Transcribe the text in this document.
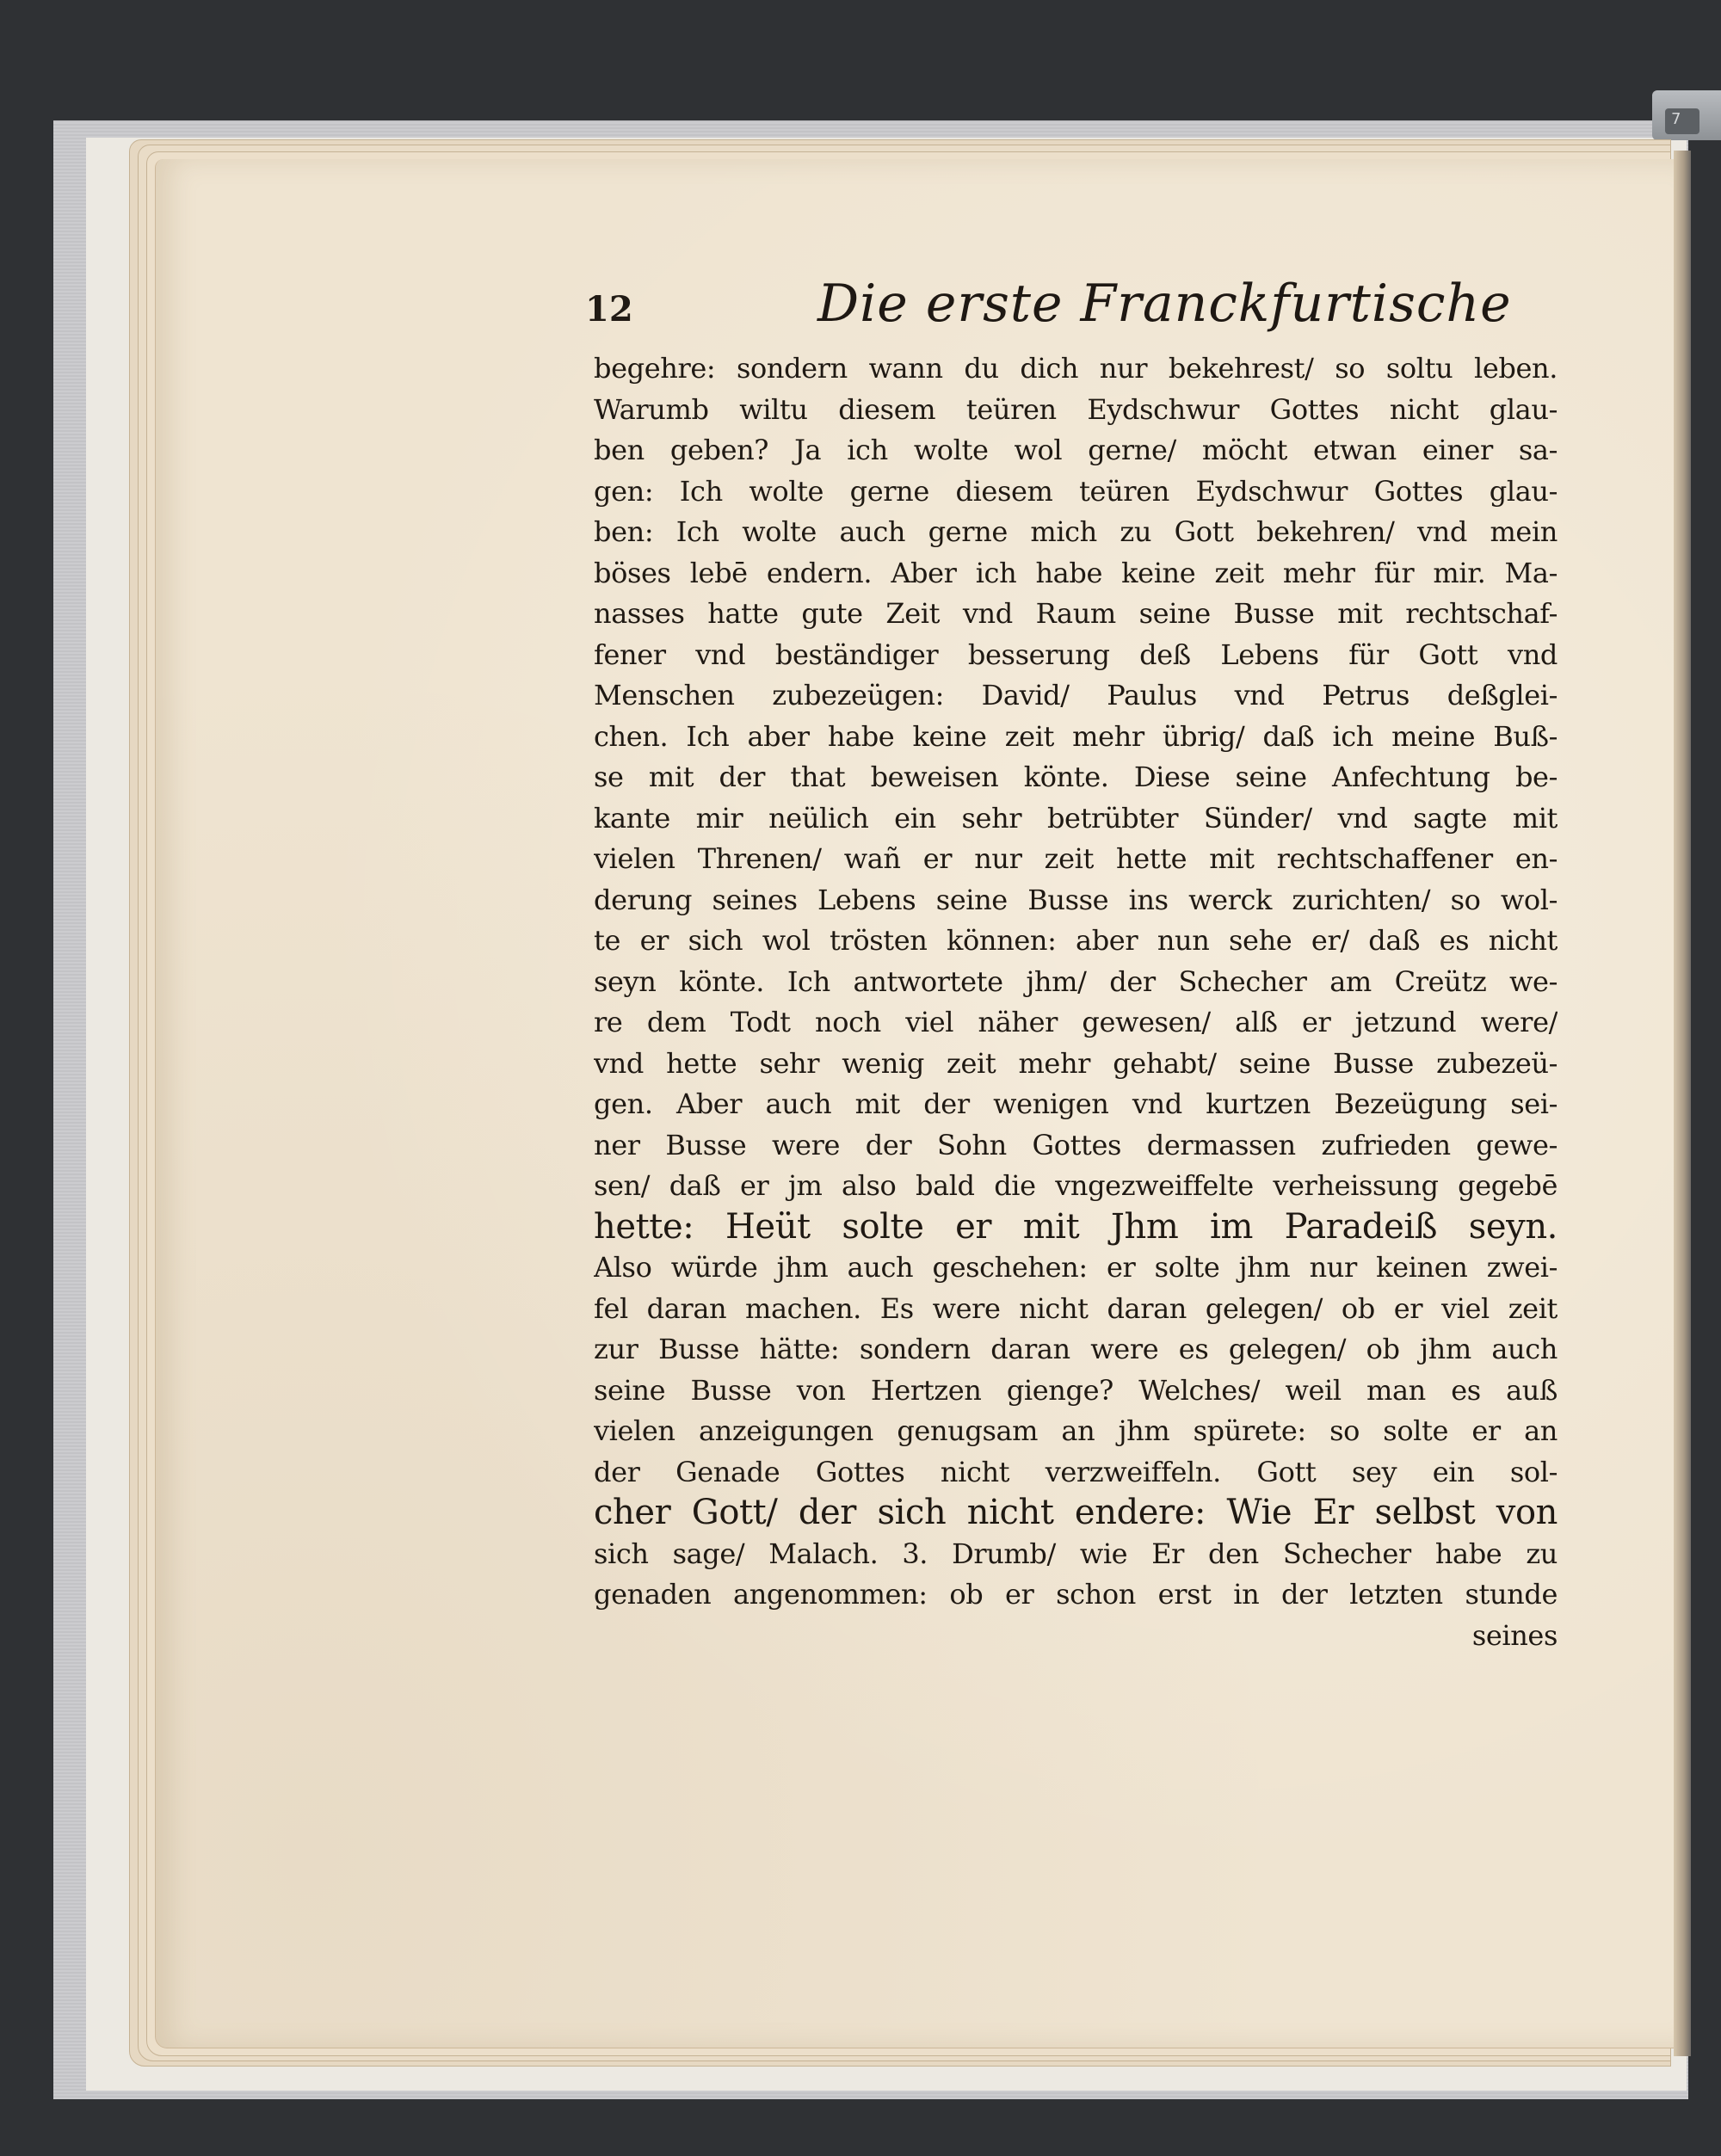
7
12	Die erste Franckfurtische
begehre: sondern wann du dich nur bekehrest/ so soltu leben.
Warumb wiltu diesem teüren Eydschwur Gottes nicht glau-
ben geben? Ja ich wolte wol gerne/ möcht etwan einer sa-
gen: Ich wolte gerne diesem teüren Eydschwur Gottes glau-
ben: Ich wolte auch gerne mich zu Gott bekehren/ vnd mein
böses lebē endern. Aber ich habe keine zeit mehr für mir. Ma-
nasses hatte gute Zeit vnd Raum seine Busse mit rechtschaf-
fener vnd beständiger besserung deß Lebens für Gott vnd
Menschen zubezeügen: David/ Paulus vnd Petrus deßglei-
chen. Ich aber habe keine zeit mehr übrig/ daß ich meine Buß-
se mit der that beweisen könte. Diese seine Anfechtung be-
kante mir neülich ein sehr betrübter Sünder/ vnd sagte mit
vielen Threnen/ wañ er nur zeit hette mit rechtschaffener en-
derung seines Lebens seine Busse ins werck zurichten/ so wol-
te er sich wol trösten können: aber nun sehe er/ daß es nicht
seyn könte. Ich antwortete jhm/ der Schecher am Creütz we-
re dem Todt noch viel näher gewesen/ alß er jetzund were/
vnd hette sehr wenig zeit mehr gehabt/ seine Busse zubezeü-
gen. Aber auch mit der wenigen vnd kurtzen Bezeügung sei-
ner Busse were der Sohn Gottes dermassen zufrieden gewe-
sen/ daß er jm also bald die vngezweiffelte verheissung gegebē
hette: Heüt solte er mit Jhm im Paradeiß seyn.
Also würde jhm auch geschehen: er solte jhm nur keinen zwei-
fel daran machen. Es were nicht daran gelegen/ ob er viel zeit
zur Busse hätte: sondern daran were es gelegen/ ob jhm auch
seine Busse von Hertzen gienge? Welches/ weil man es auß
vielen anzeigungen genugsam an jhm spürete: so solte er an
der Genade Gottes nicht verzweiffeln. Gott sey ein sol-
cher Gott/ der sich nicht endere: Wie Er selbst von
sich sage/ Malach. 3. Drumb/ wie Er den Schecher habe zu
genaden angenommen: ob er schon erst in der letzten stunde
seines
